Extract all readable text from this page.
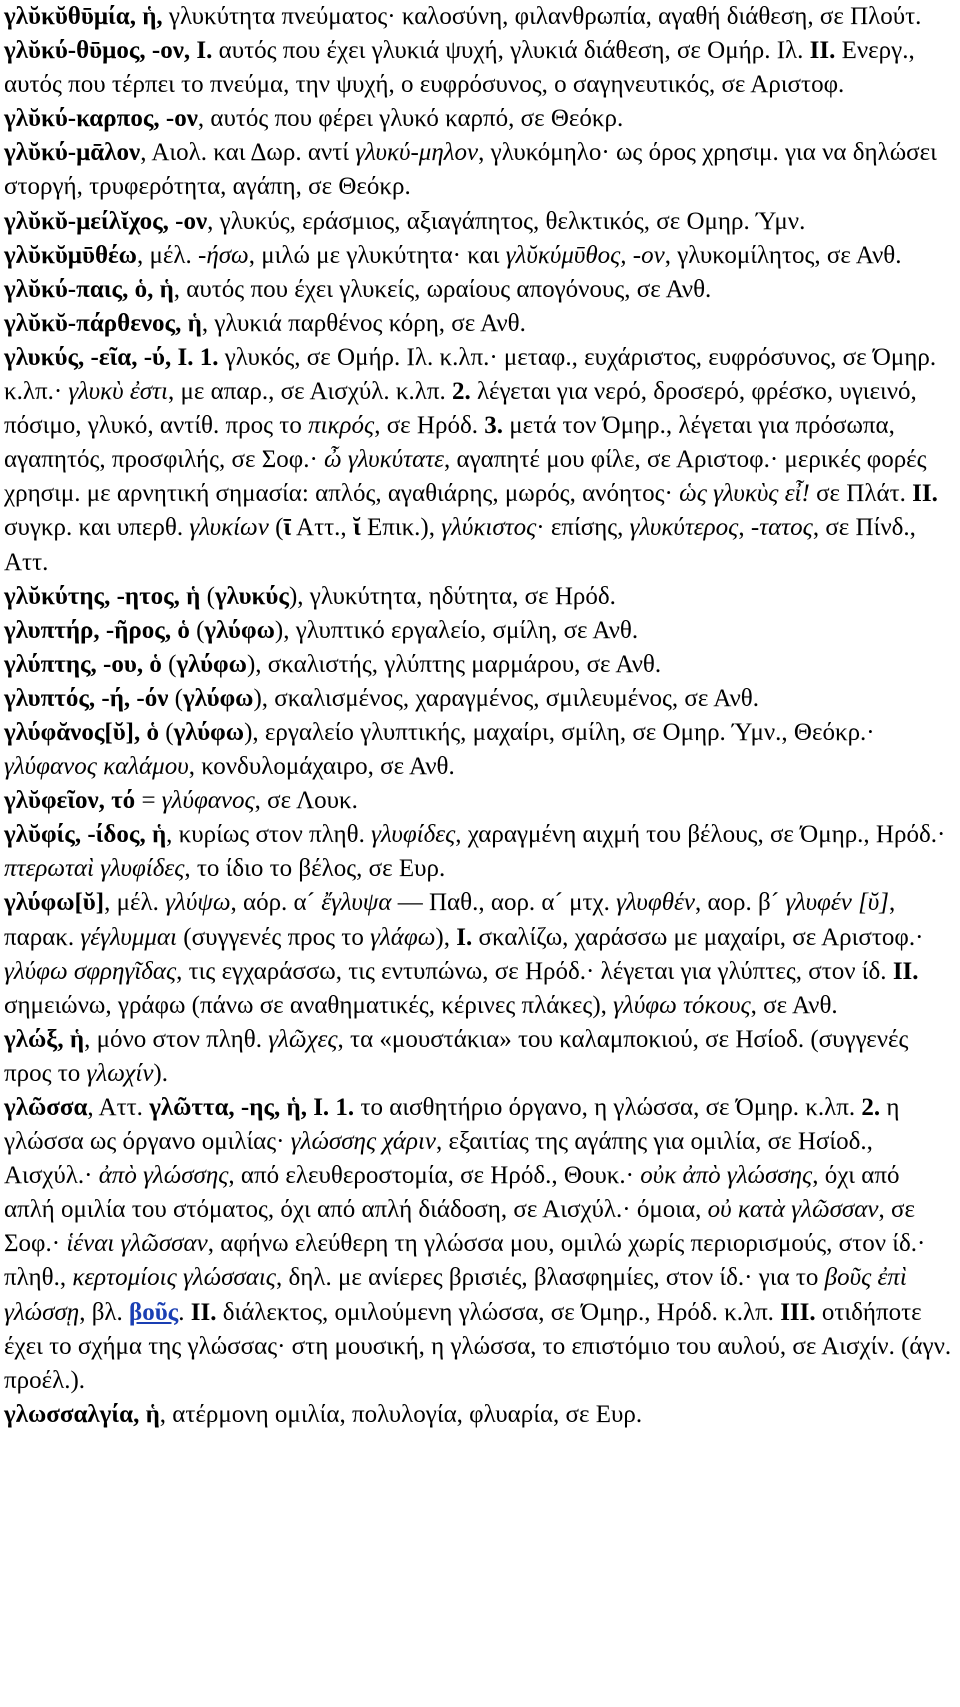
γλῠκῠθῡμία, ἡ, γλυκύτητα πνεύματος· καλοσύνη, φιλανθρωπία, αγαθή διάθεση, σε Πλούτ.

γλῠκύ-θῡμος, -ον, I. αυτός που έχει γλυκιά ψυχή, γλυκιά διάθεση, σε Ομήρ. Ιλ. II. Ενεργ., αυτός που τέρπει το πνεύμα, την ψυχή, ο ευφρόσυνος, ο σαγηνευτικός, σε Αριστοφ.

γλῠκύ-καρπος, -ον, αυτός που φέρει γλυκό καρπό, σε Θεόκρ.

γλῠκύ-μᾱλον, Αιολ. και Δωρ. αντί γλυκύ-μηλον, γλυκόμηλο· ως όρος χρησιμ. για να δηλώσει στοργή, τρυφερότητα, αγάπη, σε Θεόκρ.

γλῠκῠ-μείλῐχος, -ον, γλυκύς, εράσμιος, αξιαγάπητος, θελκτικός, σε Ομηρ. Ύμν.

γλῠκῠμῡθέω, μέλ. -ήσω, μιλώ με γλυκύτητα· και γλῠκύμῡθος, -ον, γλυκομίλητος, σε Ανθ.

γλῠκύ-παις, ὁ, ἡ, αυτός που έχει γλυκείς, ωραίους απογόνους, σε Ανθ.

γλῠκῠ-πάρθενος, ἡ, γλυκιά παρθένος κόρη, σε Ανθ.

γλυκύς, -εῖα, -ύ, I. 1. γλυκός, σε Ομήρ. Ιλ. κ.λπ.· μεταφ., ευχάριστος, ευφρόσυνος, σε Όμηρ. κ.λπ.· γλυκὺ ἐστι, με απαρ., σε Αισχύλ. κ.λπ. 2. λέγεται για νερό, δροσερό, φρέσκο, υγιεινό, πόσιμο, γλυκό, αντίθ. προς το πικρός, σε Ηρόδ. 3. μετά τον Όμηρ., λέγεται για πρόσωπα, αγαπητός, προσφιλής, σε Σοφ.· ὦ γλυκύτατε, αγαπητέ μου φίλε, σε Αριστοφ.· μερικές φορές χρησιμ. με αρνητική σημασία: απλός, αγαθιάρης, μωρός, ανόητος· ὡς γλυκὺς εἶ! σε Πλάτ. II. συγκρ. και υπερθ. γλυκίων (ῑ Αττ., ῐ Επικ.), γλύκιστος· επίσης, γλυκύτερος, -τατος, σε Πίνδ., Αττ.

γλῠκύτης, -ητος, ἡ (γλυκύς), γλυκύτητα, ηδύτητα, σε Ηρόδ.

γλυπτήρ, -ῆρος, ὁ (γλύφω), γλυπτικό εργαλείο, σμίλη, σε Ανθ.

γλύπτης, -ου, ὁ (γλύφω), σκαλιστής, γλύπτης μαρμάρου, σε Ανθ.

γλυπτός, -ή, -όν (γλύφω), σκαλισμένος, χαραγμένος, σμιλευμένος, σε Ανθ.

γλύφᾰνος[ῠ], ὁ (γλύφω), εργαλείο γλυπτικής, μαχαίρι, σμίλη, σε Ομηρ. Ύμν., Θεόκρ.· γλύφανος καλάμου, κονδυλομάχαιρο, σε Ανθ.

γλῠφεῖον, τό = γλύφανος, σε Λουκ.

γλῠφίς, -ίδος, ἡ, κυρίως στον πληθ. γλυφίδες, χαραγμένη αιχμή του βέλους, σε Όμηρ., Ηρόδ.· πτερωταὶ γλυφίδες, το ίδιο το βέλος, σε Ευρ.

γλύφω[ῠ], μέλ. γλύψω, αόρ. α´ ἔγλυψα — Παθ., αορ. α´ μτχ. γλυφθέν, αορ. β´ γλυφέν [ῠ], παρακ. γέγλυμμαι (συγγενές προς το γλάφω), I. σκαλίζω, χαράσσω με μαχαίρι, σε Αριστοφ.· γλύφω σφρηγῖδας, τις εγχαράσσω, τις εντυπώνω, σε Ηρόδ.· λέγεται για γλύπτες, στον ίδ. II. σημειώνω, γράφω (πάνω σε αναθηματικές, κέρινες πλάκες), γλύφω τόκους, σε Ανθ.

γλώξ, ἡ, μόνο στον πληθ. γλῶχες, τα «μουστάκια» του καλαμποκιού, σε Ησίοδ. (συγγενές προς το γλωχίν).

γλῶσσα, Αττ. γλῶττα, -ης, ἡ, I. 1. το αισθητήριο όργανο, η γλώσσα, σε Όμηρ. κ.λπ. 2. η γλώσσα ως όργανο ομιλίας· γλώσσης χάριν, εξαιτίας της αγάπης για ομιλία, σε Ησίοδ., Αισχύλ.· ἀπὸ γλώσσης, από ελευθεροστομία, σε Ηρόδ., Θουκ.· οὐκ ἀπὸ γλώσσης, όχι από απλή ομιλία του στόματος, όχι από απλή διάδοση, σε Αισχύλ.· όμοια, οὐ κατὰ γλῶσσαν, σε Σοφ.· ἱέναι γλῶσσαν, αφήνω ελεύθερη τη γλώσσα μου, ομιλώ χωρίς περιορισμούς, στον ίδ.· πληθ., κερτομίοις γλώσσαις, δηλ. με ανίερες βρισιές, βλασφημίες, στον ίδ.· για το βοῦς ἐπὶ γλώσσῃ, βλ. βοῦς. II. διάλεκτος, ομιλούμενη γλώσσα, σε Όμηρ., Ηρόδ. κ.λπ. III. οτιδήποτε έχει το σχήμα της γλώσσας· στη μουσική, η γλώσσα, το επιστόμιο του αυλού, σε Αισχίν. (άγν. προέλ.).

γλωσσαλγία, ἡ, ατέρμονη ομιλία, πολυλογία, φλυαρία, σε Ευρ.
